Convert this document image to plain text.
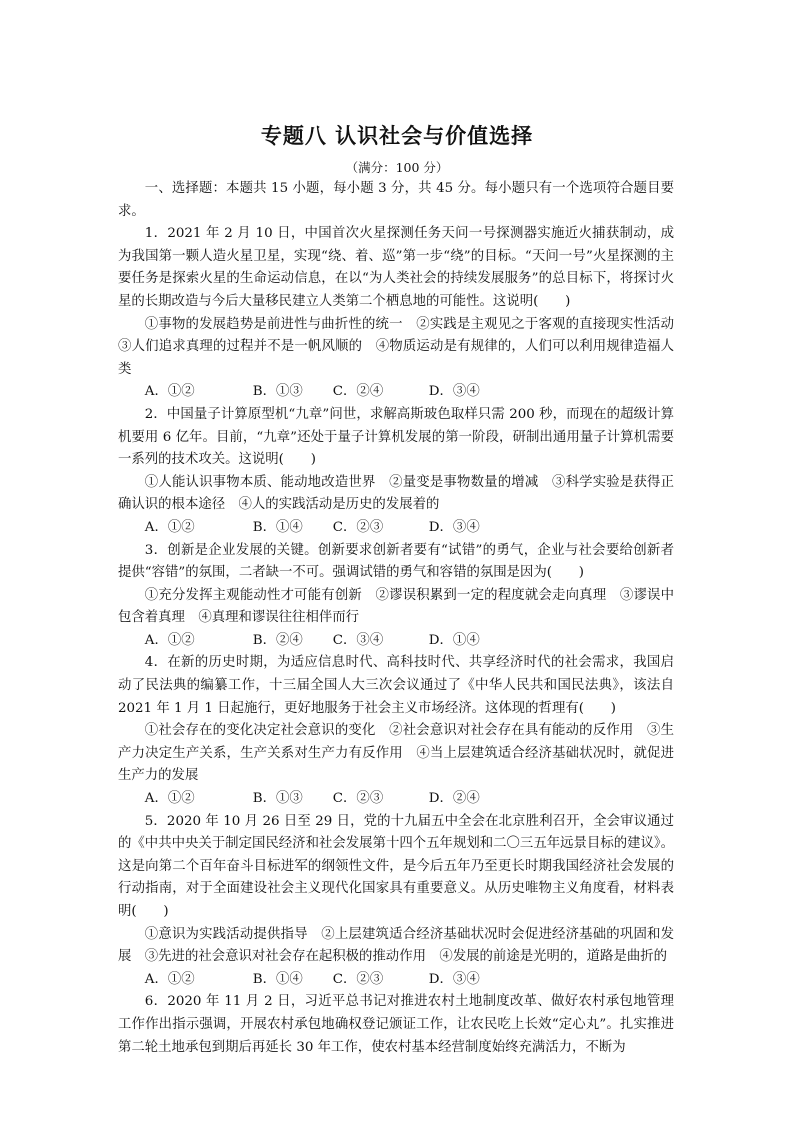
专题八 认识社会与价值选择
（满分：100 分）

一、选择题：本题共 15 小题，每小题 3 分，共 45 分。每小题只有一个选项符合题目要求。

1．2021 年 2 月 10 日，中国首次火星探测任务天问一号探测器实施近火捕获制动，成为我国第一颗人造火星卫星，实现“绕、着、巡”第一步“绕”的目标。“天问一号”火星探测的主要任务是探索火星的生命运动信息，在以“为人类社会的持续发展服务”的总目标下，将探讨火星的长期改造与今后大量移民建立人类第二个栖息地的可能性。这说明(　　)

①事物的发展趋势是前进性与曲折性的统一　②实践是主观见之于客观的直接现实性活动　③人们追求真理的过程并不是一帆风顺的　④物质运动是有规律的，人们可以利用规律造福人类

A．①②	B．①③	C．②④	D．③④

2．中国量子计算原型机“九章”问世，求解高斯玻色取样只需 200 秒，而现在的超级计算机要用 6 亿年。目前，“九章”还处于量子计算机发展的第一阶段，研制出通用量子计算机需要一系列的技术攻关。这说明(　　)

①人能认识事物本质、能动地改造世界　②量变是事物数量的增减　③科学实验是获得正确认识的根本途径　④人的实践活动是历史的发展着的

A．①②	B．①④	C．②③	D．③④

3．创新是企业发展的关键。创新要求创新者要有“试错”的勇气，企业与社会要给创新者提供“容错”的氛围，二者缺一不可。强调试错的勇气和容错的氛围是因为(　　)

①充分发挥主观能动性才可能有创新　②谬误积累到一定的程度就会走向真理　③谬误中包含着真理　④真理和谬误往往相伴而行

A．①②	B．②④	C．③④	D．①④

4．在新的历史时期，为适应信息时代、高科技时代、共享经济时代的社会需求，我国启动了民法典的编纂工作，十三届全国人大三次会议通过了《中华人民共和国民法典》，该法自 2021 年 1 月 1 日起施行，更好地服务于社会主义市场经济。这体现的哲理有(　　)

①社会存在的变化决定社会意识的变化　②社会意识对社会存在具有能动的反作用　③生产力决定生产关系，生产关系对生产力有反作用　④当上层建筑适合经济基础状况时，就促进生产力的发展

A．①②	B．①③	C．②③	D．②④

5．2020 年 10 月 26 日至 29 日，党的十九届五中全会在北京胜利召开，全会审议通过的《中共中央关于制定国民经济和社会发展第十四个五年规划和二〇三五年远景目标的建议》。这是向第二个百年奋斗目标进军的纲领性文件，是今后五年乃至更长时期我国经济社会发展的行动指南，对于全面建设社会主义现代化国家具有重要意义。从历史唯物主义角度看，材料表明(　　)

①意识为实践活动提供指导　②上层建筑适合经济基础状况时会促进经济基础的巩固和发展　③先进的社会意识对社会存在起积极的推动作用　④发展的前途是光明的，道路是曲折的

A．①②	B．①④	C．②③	D．③④

6．2020 年 11 月 2 日，习近平总书记对推进农村土地制度改革、做好农村承包地管理工作作出指示强调，开展农村承包地确权登记颁证工作，让农民吃上长效“定心丸”。扎实推进第二轮土地承包到期后再延长 30 年工作，使农村基本经营制度始终充满活力，不断为
